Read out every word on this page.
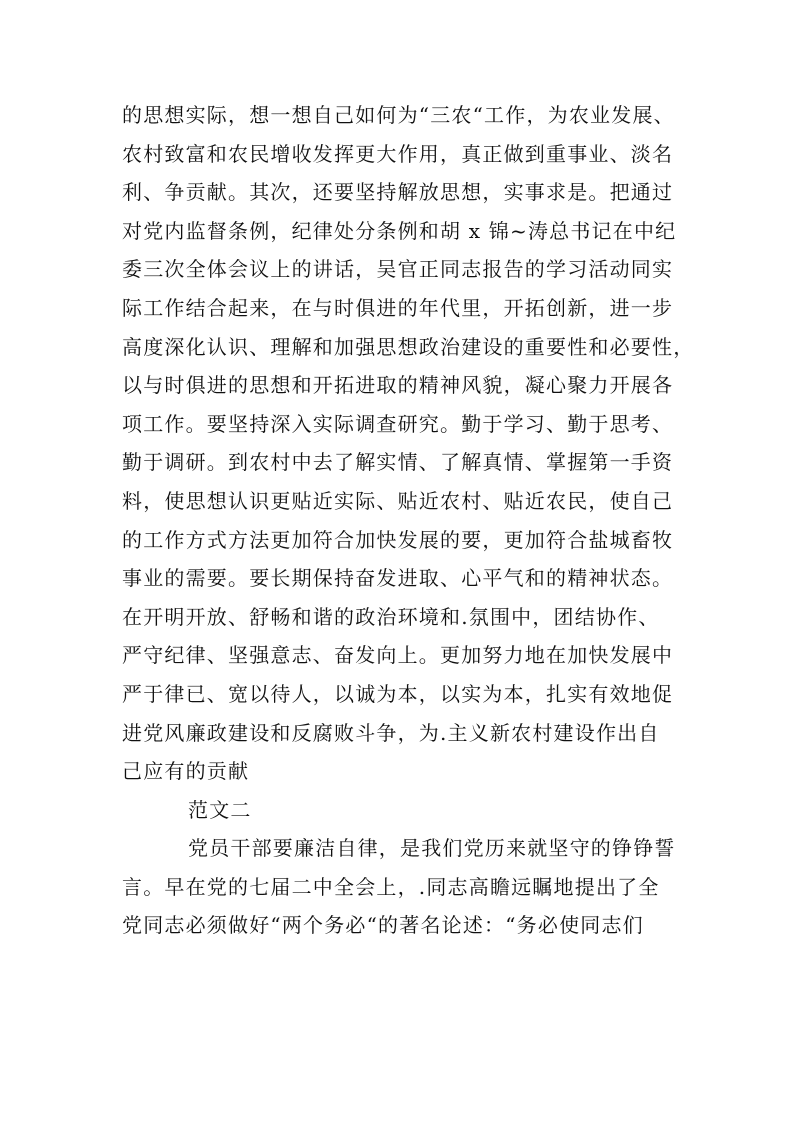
的思想实际，想一想自己如何为“三农“工作，为农业发展、
农村致富和农民增收发挥更大作用，真正做到重事业、淡名
利、争贡献。其次，还要坚持解放思想，实事求是。把通过
对党内监督条例，纪律处分条例和胡 x 锦~涛总书记在中纪
委三次全体会议上的讲话，吴官正同志报告的学习活动同实
际工作结合起来，在与时俱进的年代里，开拓创新，进一步
高度深化认识、理解和加强思想政治建设的重要性和必要性，
以与时俱进的思想和开拓进取的精神风貌，凝心聚力开展各
项工作。要坚持深入实际调查研究。勤于学习、勤于思考、
勤于调研。到农村中去了解实情、了解真情、掌握第一手资
料，使思想认识更贴近实际、贴近农村、贴近农民，使自己
的工作方式方法更加符合加快发展的要，更加符合盐城畜牧
事业的需要。要长期保持奋发进取、心平气和的精神状态。
在开明开放、舒畅和谐的政治环境和.氛围中，团结协作、
严守纪律、坚强意志、奋发向上。更加努力地在加快发展中
严于律已、宽以待人，以诚为本，以实为本，扎实有效地促
进党风廉政建设和反腐败斗争，为.主义新农村建设作出自
己应有的贡献
范文二
党员干部要廉洁自律，是我们党历来就坚守的铮铮誓
言。早在党的七届二中全会上，.同志高瞻远瞩地提出了全
党同志必须做好“两个务必“的著名论述：“务必使同志们
